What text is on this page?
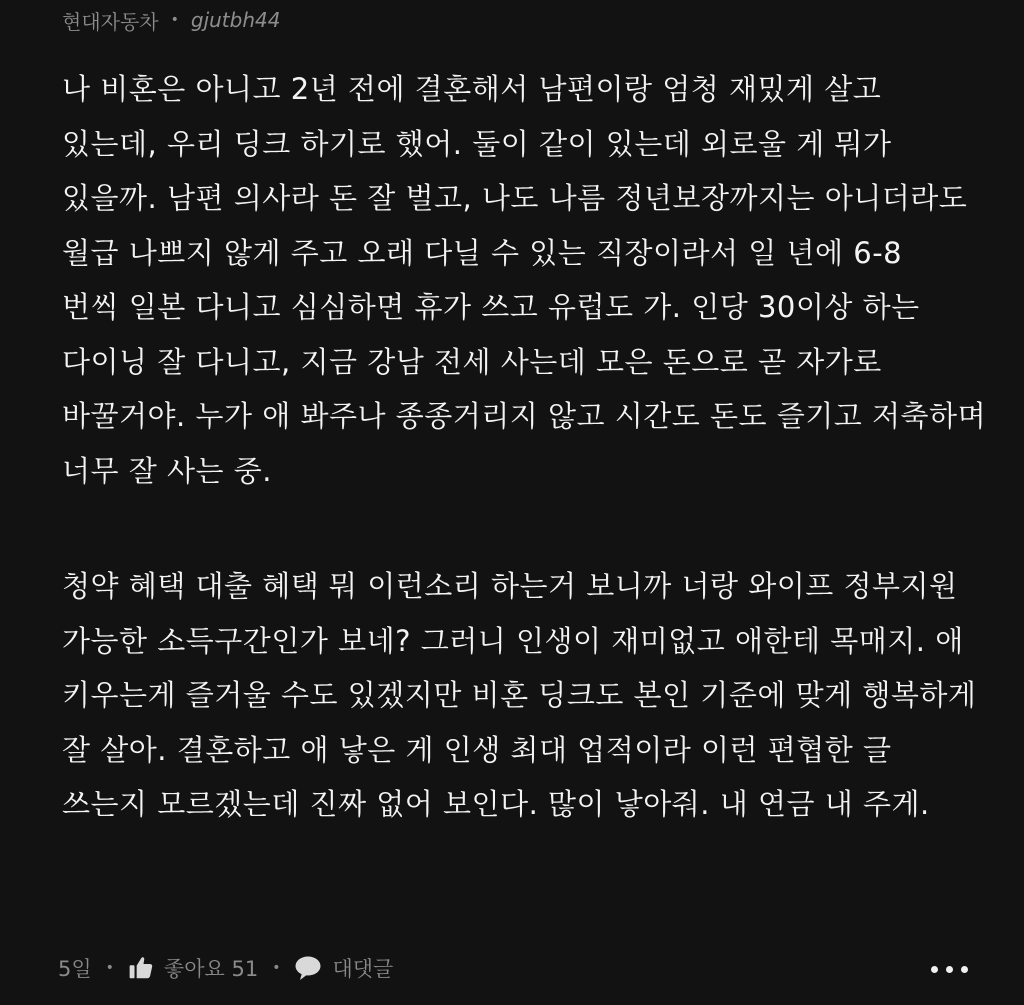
현대자동차 • gjutbh44

나 비혼은 아니고 2년 전에 결혼해서 남편이랑 엄청 재밌게 살고
있는데, 우리 딩크 하기로 했어. 둘이 같이 있는데 외로울 게 뭐가
있을까. 남편 의사라 돈 잘 벌고, 나도 나름 정년보장까지는 아니더라도
월급 나쁘지 않게 주고 오래 다닐 수 있는 직장이라서 일 년에 6-8
번씩 일본 다니고 심심하면 휴가 쓰고 유럽도 가. 인당 30이상 하는
다이닝 잘 다니고, 지금 강남 전세 사는데 모은 돈으로 곧 자가로
바꿀거야. 누가 애 봐주나 종종거리지 않고 시간도 돈도 즐기고 저축하며
너무 잘 사는 중.

청약 혜택 대출 혜택 뭐 이런소리 하는거 보니까 너랑 와이프 정부지원
가능한 소득구간인가 보네? 그러니 인생이 재미없고 애한테 목매지. 애
키우는게 즐거울 수도 있겠지만 비혼 딩크도 본인 기준에 맞게 행복하게
잘 살아. 결혼하고 애 낳은 게 인생 최대 업적이라 이런 편협한 글
쓰는지 모르겠는데 진짜 없어 보인다. 많이 낳아줘. 내 연금 내 주게.

5일 • 좋아요 51 • 대댓글
